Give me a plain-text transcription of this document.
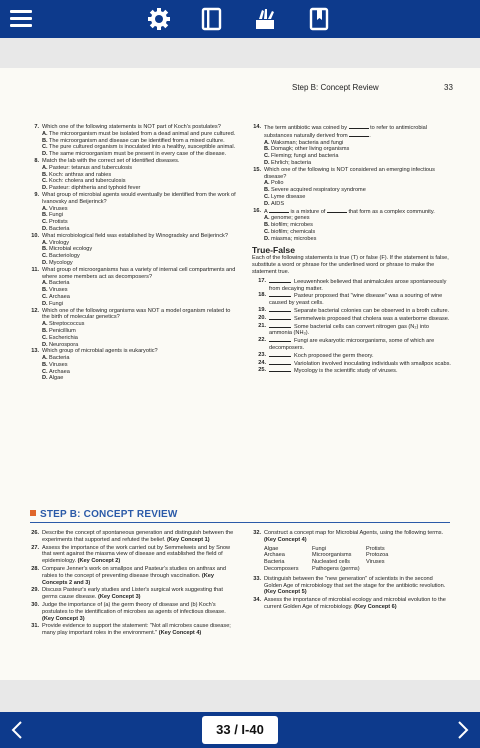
Step B: Concept Review	33
7. Which one of the following statements is NOT part of Koch's postulates?
A. The microorganism must be isolated from a dead animal and pure cultured.
B. The microorganism and disease can be identified from a mixed culture.
C. The pure cultured organism is inoculated into a healthy, susceptible animal.
D. The same microorganism must be present in every case of the disease.
8. Match the lab with the correct set of identified diseases.
A. Pasteur: tetanus and tuberculosis
B. Koch: anthrax and rabies
C. Koch: cholera and tuberculosis
D. Pasteur: diphtheria and typhoid fever
9. What group of microbial agents would eventually be identified from the work of Ivanovsky and Beijerinck?
A. Viruses
B. Fungi
C. Protists
D. Bacteria
10. What microbiological field was established by Winogradsky and Beijerinck?
A. Virology
B. Microbial ecology
C. Bacteriology
D. Mycology
11. What group of microorganisms has a variety of internal cell compartments and where some members act as decomposers?
A. Bacteria
B. Viruses
C. Archaea
D. Fungi
12. Which one of the following organisms was NOT a model organism related to the birth of molecular genetics?
A. Streptococcus
B. Penicillium
C. Escherichia
D. Neurospora
13. Which group of microbial agents is eukaryotic?
A. Bacteria
B. Viruses
C. Archaea
D. Algae
14. The term antibiotic was coined by	to refer to antimicrobial substances naturally derived from	.
A. Waksman; bacteria and fungi
B. Domagk; other living organisms
C. Fleming; fungi and bacteria
D. Ehrlich; bacteria
15. Which one of the following is NOT considered an emerging infectious disease?
A. Polio
B. Severe acquired respiratory syndrome
C. Lyme disease
D. AIDS
16. A	is a mixture of	that form as a complex community.
A. genome; genes
B. biofilm; microbes
C. biofilm; chemicals
D. miasma; microbes
True-False
Each of the following statements is true (T) or false (F). If the statement is false, substitute a word or phrase for the underlined word or phrase to make the statement true.
17.	Leeuwenhoek believed that animalcules arose spontaneously from decaying matter.
18.	Pasteur proposed that "wine disease" was a souring of wine caused by yeast cells.
19.	Separate bacterial colonies can be observed in a broth culture.
20.	Semmelweis proposed that cholera was a waterborne disease.
21.	Some bacterial cells can convert nitrogen gas (N₂) into ammonia (NH₃).
22.	Fungi are eukaryotic microorganisms, some of which are decomposers.
23.	Koch proposed the germ theory.
24.	Variolation involved inoculating individuals with smallpox scabs.
25.	Mycology is the scientific study of viruses.
STEP B: CONCEPT REVIEW
26. Describe the concept of spontaneous generation and distinguish between the experiments that supported and refuted the belief. (Key Concept 1)
27. Assess the importance of the work carried out by Semmelweis and by Snow that went against the miasma view of disease and established the field of epidemiology. (Key Concept 2)
28. Compare Jenner's work on smallpox and Pasteur's studies on anthrax and rabies to the concept of preventing disease through vaccination. (Key Concepts 2 and 3)
29. Discuss Pasteur's early studies and Lister's surgical work suggesting that germs cause disease. (Key Concept 3)
30. Judge the importance of (a) the germ theory of disease and (b) Koch's postulates to the identification of microbes as agents of infectious disease. (Key Concept 3)
31. Provide evidence to support the statement: "Not all microbes cause disease; many play important roles in the environment." (Key Concept 4)
32. Construct a concept map for Microbial Agents, using the following terms. (Key Concept 4)
Algae	Fungi	Protists
Archaea	Microorganisms	Protozoa
Bacteria	Nucleated cells	Viruses
Decomposers	Pathogens (germs)
33. Distinguish between the "new generation" of scientists in the second Golden Age of microbiology that set the stage for the antibiotic revolution. (Key Concept 5)
34. Assess the importance of microbial ecology and microbial evolution to the current Golden Age of microbiology. (Key Concept 6)
33 / I-40
